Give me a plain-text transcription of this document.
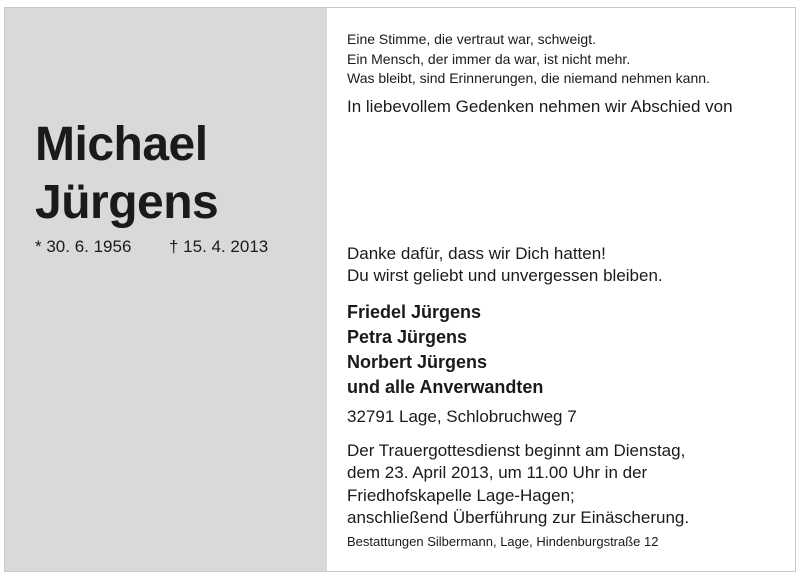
Michael
Jürgens
* 30. 6. 1956 † 15. 4. 2013
Eine Stimme, die vertraut war, schweigt.
Ein Mensch, der immer da war, ist nicht mehr.
Was bleibt, sind Erinnerungen, die niemand nehmen kann.
In liebevollem Gedenken nehmen wir Abschied von
Danke dafür, dass wir Dich hatten!
Du wirst geliebt und unvergessen bleiben.
Friedel Jürgens
Petra Jürgens
Norbert Jürgens
und alle Anverwandten
32791 Lage, Schlobruchweg 7
Der Trauergottesdienst beginnt am Dienstag,
dem 23. April 2013, um 11.00 Uhr in der
Friedhofskapelle Lage-Hagen;
anschließend Überführung zur Einäscherung.
Bestattungen Silbermann, Lage, Hindenburgstraße 12
